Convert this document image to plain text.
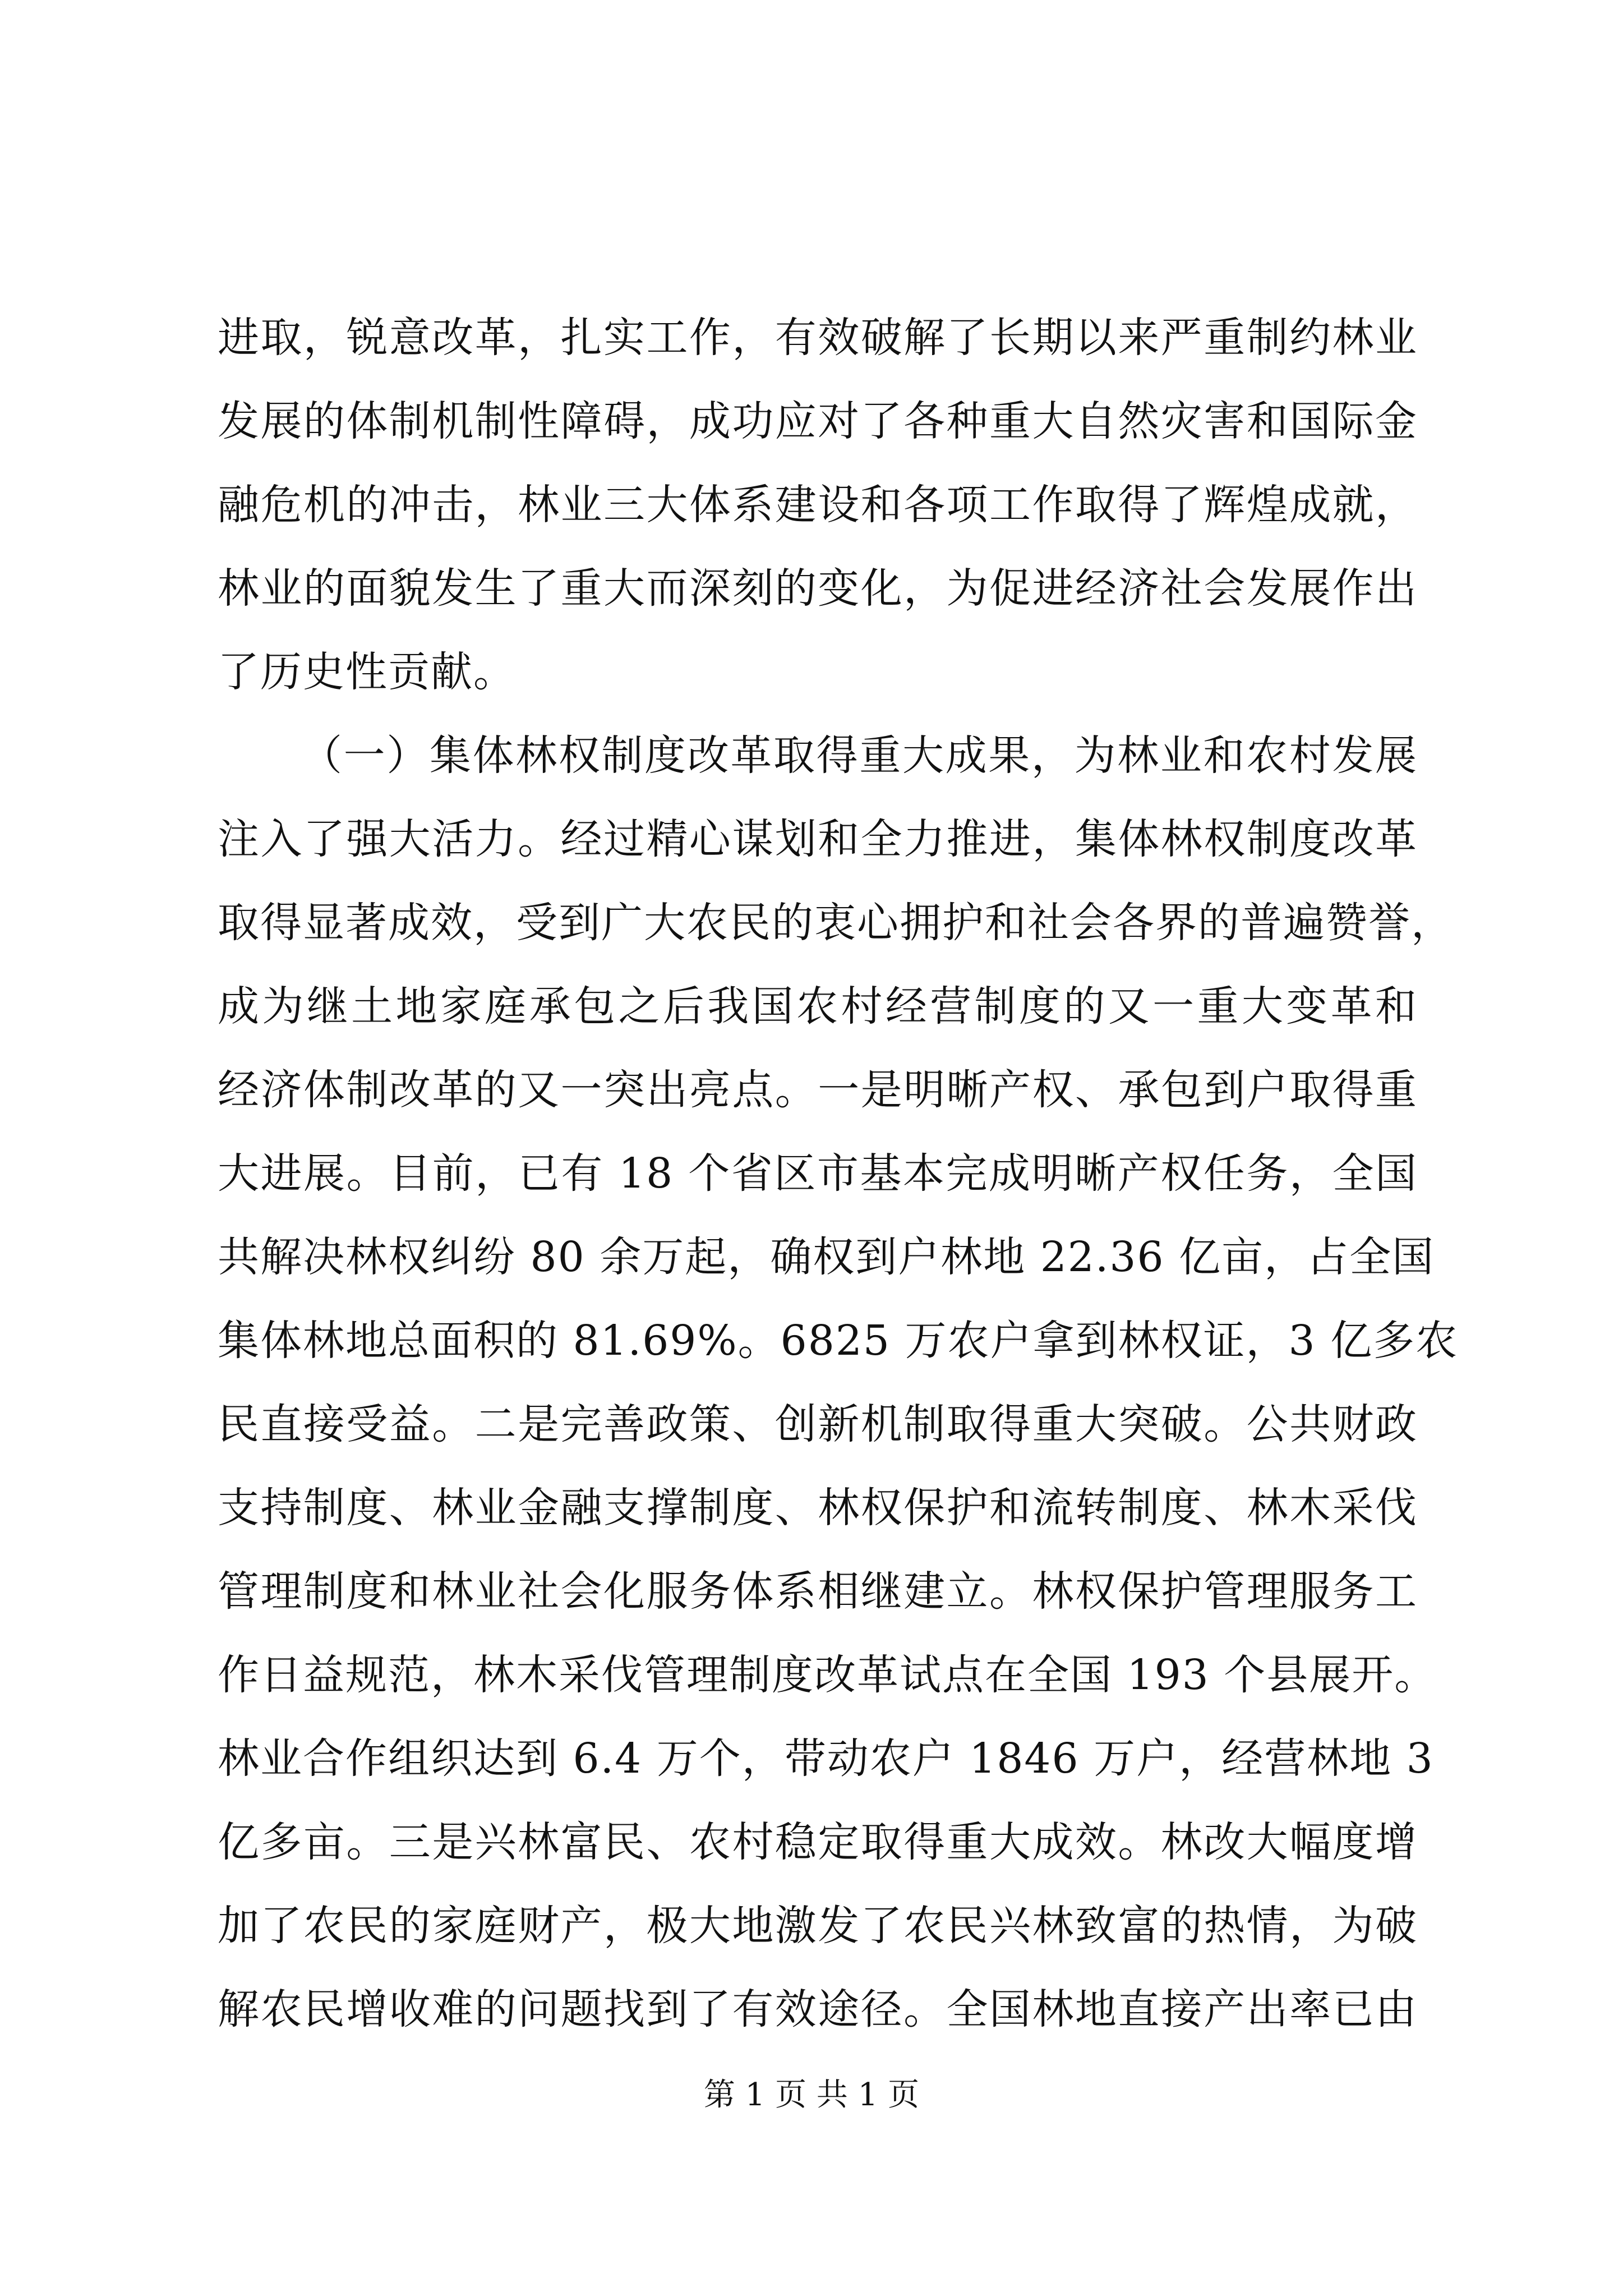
进取，锐意改革，扎实工作，有效破解了长期以来严重制约林业
发展的体制机制性障碍，成功应对了各种重大自然灾害和国际金
融危机的冲击，林业三大体系建设和各项工作取得了辉煌成就，
林业的面貌发生了重大而深刻的变化，为促进经济社会发展作出
了历史性贡献。
（一）集体林权制度改革取得重大成果，为林业和农村发展
注入了强大活力。经过精心谋划和全力推进，集体林权制度改革
取得显著成效，受到广大农民的衷心拥护和社会各界的普遍赞誉，
成为继土地家庭承包之后我国农村经营制度的又一重大变革和
经济体制改革的又一突出亮点。一是明晰产权、承包到户取得重
大进展。目前，已有 18 个省区市基本完成明晰产权任务，全国
共解决林权纠纷 80 余万起，确权到户林地 22.36 亿亩，占全国
集体林地总面积的 81.69%。6825 万农户拿到林权证，3 亿多农
民直接受益。二是完善政策、创新机制取得重大突破。公共财政
支持制度、林业金融支撑制度、林权保护和流转制度、林木采伐
管理制度和林业社会化服务体系相继建立。林权保护管理服务工
作日益规范，林木采伐管理制度改革试点在全国 193 个县展开。
林业合作组织达到 6.4 万个，带动农户 1846 万户，经营林地 3
亿多亩。三是兴林富民、农村稳定取得重大成效。林改大幅度增
加了农民的家庭财产，极大地激发了农民兴林致富的热情，为破
解农民增收难的问题找到了有效途径。全国林地直接产出率已由
第 1 页 共 1 页
